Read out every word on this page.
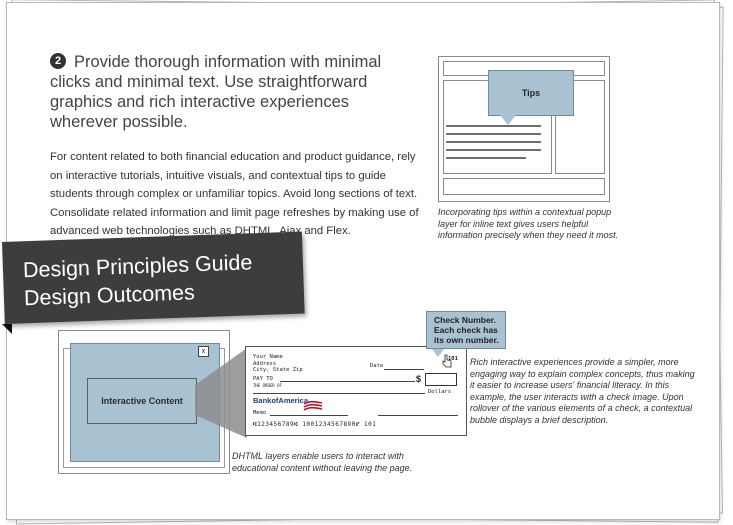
2 Provide thorough information with minimal clicks and minimal text. Use straightforward graphics and rich interactive experiences wherever possible.
For content related to both financial education and product guidance, rely on interactive tutorials, intuitive visuals, and contextual tips to guide students through complex or unfamiliar topics. Avoid long sections of text. Consolidate related information and limit page refreshes by making use of advanced web technologies such as DHTML, Ajax and Flex.
Tips
Incorporating tips within a contextual popup
layer for inline text gives users helpful
information precisely when they need it most.
x
Interactive Content
Your Name
Address
City, State Zip
Date
101
PAY TO
THE ORDER OF
$
Dollars
BankofAmerica
Memo
⑆123456789⑆ 1001234567890⑈ 101
Check Number. Each check has its own number.
Rich interactive experiences provide a simpler, more
engaging way to explain complex concepts, thus making
it easier to increase users' financial literacy. In this
example, the user interacts with a check image. Upon
rollover of the various elements of a check, a contextual
bubble displays a brief description.
DHTML layers enable users to interact with
educational content without leaving the page.
Design Principles Guide
Design Outcomes
